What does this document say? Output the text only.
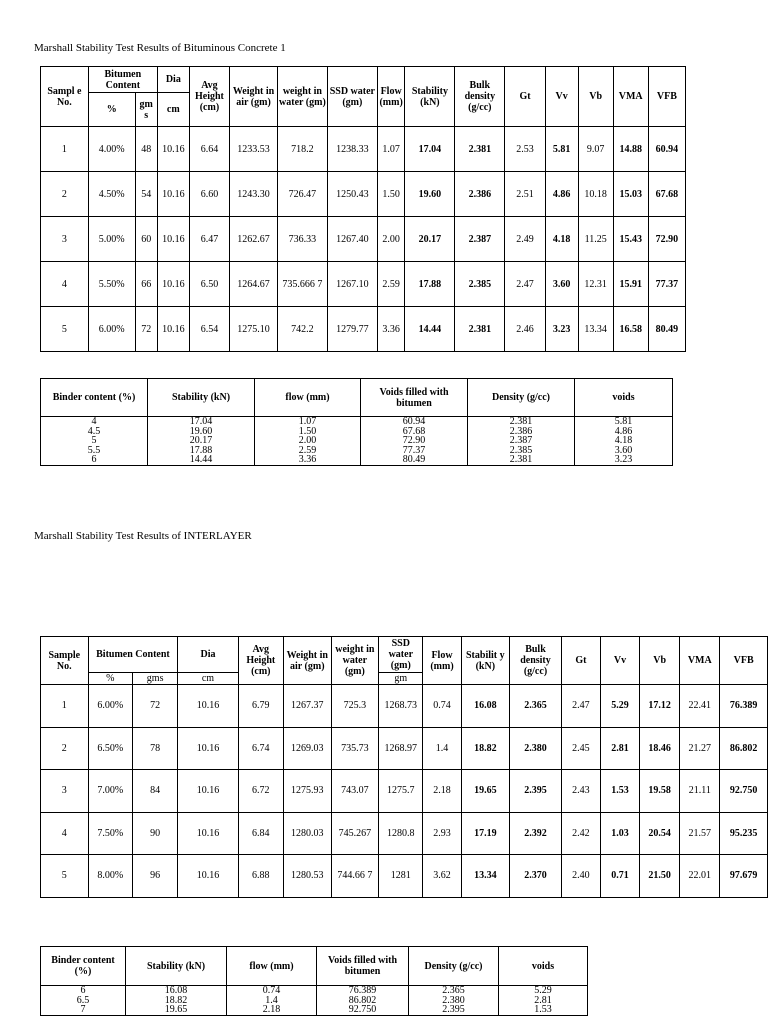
Marshall Stability Test Results of Bituminous Concrete 1
Sampl e No.	Bitumen Content		Dia	Avg Height (cm)	Weight in air (gm)	weight in water (gm)	SSD water (gm)	Flow (mm)	Stability (kN)	Bulk density (g/cc)	Gt	Vv	Vb	VMA	VFB
	%	gm s	cm												
1	4.00%	48	10.16	6.64	1233.53	718.2	1238.33	1.07	17.04	2.381	2.53	5.81	9.07	14.88	60.94
2	4.50%	54	10.16	6.60	1243.30	726.47	1250.43	1.50	19.60	2.386	2.51	4.86	10.18	15.03	67.68
3	5.00%	60	10.16	6.47	1262.67	736.33	1267.40	2.00	20.17	2.387	2.49	4.18	11.25	15.43	72.90
4	5.50%	66	10.16	6.50	1264.67	735.666 7	1267.10	2.59	17.88	2.385	2.47	3.60	12.31	15.91	77.37
5	6.00%	72	10.16	6.54	1275.10	742.2	1279.77	3.36	14.44	2.381	2.46	3.23	13.34	16.58	80.49
Binder content (%)	Stability (kN)	flow (mm)	Voids filled with bitumen	Density (g/cc)	voids
4	17.04	1.07	60.94	2.381	5.81
4.5	19.60	1.50	67.68	2.386	4.86
5	20.17	2.00	72.90	2.387	4.18
5.5	17.88	2.59	77.37	2.385	3.60
6	14.44	3.36	80.49	2.381	3.23
Marshall Stability Test Results of INTERLAYER
Sample No.	Bitumen Content		Dia	Avg Height (cm)	Weight in air (gm)	weight in water (gm)	SSD water (gm)	Flow (mm)	Stabilit y (kN)	Bulk density (g/cc)	Gt	Vv	Vb	VMA	VFB
	%	gms	cm				gm								
1	6.00%	72	10.16	6.79	1267.37	725.3	1268.73	0.74	16.08	2.365	2.47	5.29	17.12	22.41	76.389
2	6.50%	78	10.16	6.74	1269.03	735.73	1268.97	1.4	18.82	2.380	2.45	2.81	18.46	21.27	86.802
3	7.00%	84	10.16	6.72	1275.93	743.07	1275.7	2.18	19.65	2.395	2.43	1.53	19.58	21.11	92.750
4	7.50%	90	10.16	6.84	1280.03	745.267	1280.8	2.93	17.19	2.392	2.42	1.03	20.54	21.57	95.235
5	8.00%	96	10.16	6.88	1280.53	744.66 7	1281	3.62	13.34	2.370	2.40	0.71	21.50	22.01	97.679
Binder content (%)	Stability (kN)	flow (mm)	Voids filled with bitumen	Density (g/cc)	voids
6	16.08	0.74	76.389	2.365	5.29
6.5	18.82	1.4	86.802	2.380	2.81
7	19.65	2.18	92.750	2.395	1.53
